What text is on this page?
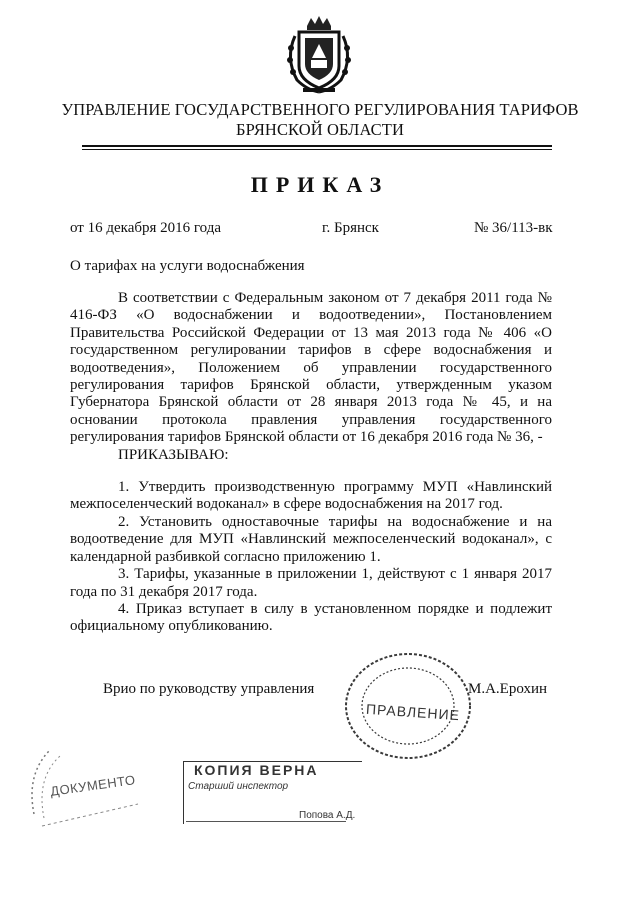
УПРАВЛЕНИЕ ГОСУДАРСТВЕННОГО РЕГУЛИРОВАНИЯ ТАРИФОВ
БРЯНСКОЙ ОБЛАСТИ
ПРИКАЗ
от 16 декабря 2016 года	г. Брянск	№ 36/113-вк
О тарифах на услуги водоснабжения

В соответствии с Федеральным законом от 7 декабря 2011 года № 416-ФЗ «О водоснабжении и водоотведении», Постановлением Правительства Российской Федерации от 13 мая 2013 года № 406 «О государственном регулировании тарифов в сфере водоснабжения и водоотведения», Положением об управлении государственного регулирования тарифов Брянской области, утвержденным указом Губернатора Брянской области от 28 января 2013 года № 45, и на основании протокола правления управления государственного регулирования тарифов Брянской области от 16 декабря 2016 года № 36, -

ПРИКАЗЫВАЮ:

1. Утвердить производственную программу МУП «Навлинский межпоселенческий водоканал» в сфере водоснабжения на 2017 год.

2. Установить одноставочные тарифы на водоснабжение и на водоотведение для МУП «Навлинский межпоселенческий водоканал», с календарной разбивкой согласно приложению 1.

3. Тарифы, указанные в приложении 1, действуют с 1 января 2017 года по 31 декабря 2017 года.

4. Приказ вступает в силу в установленном порядке и подлежит официальному опубликованию.

ПРАВЛЕНИЕ
Врио по руководству управления	М.А.Ерохин
ДОКУМЕНТО
КОПИЯ ВЕРНА
Старший инспектор
Попова А.Д.
